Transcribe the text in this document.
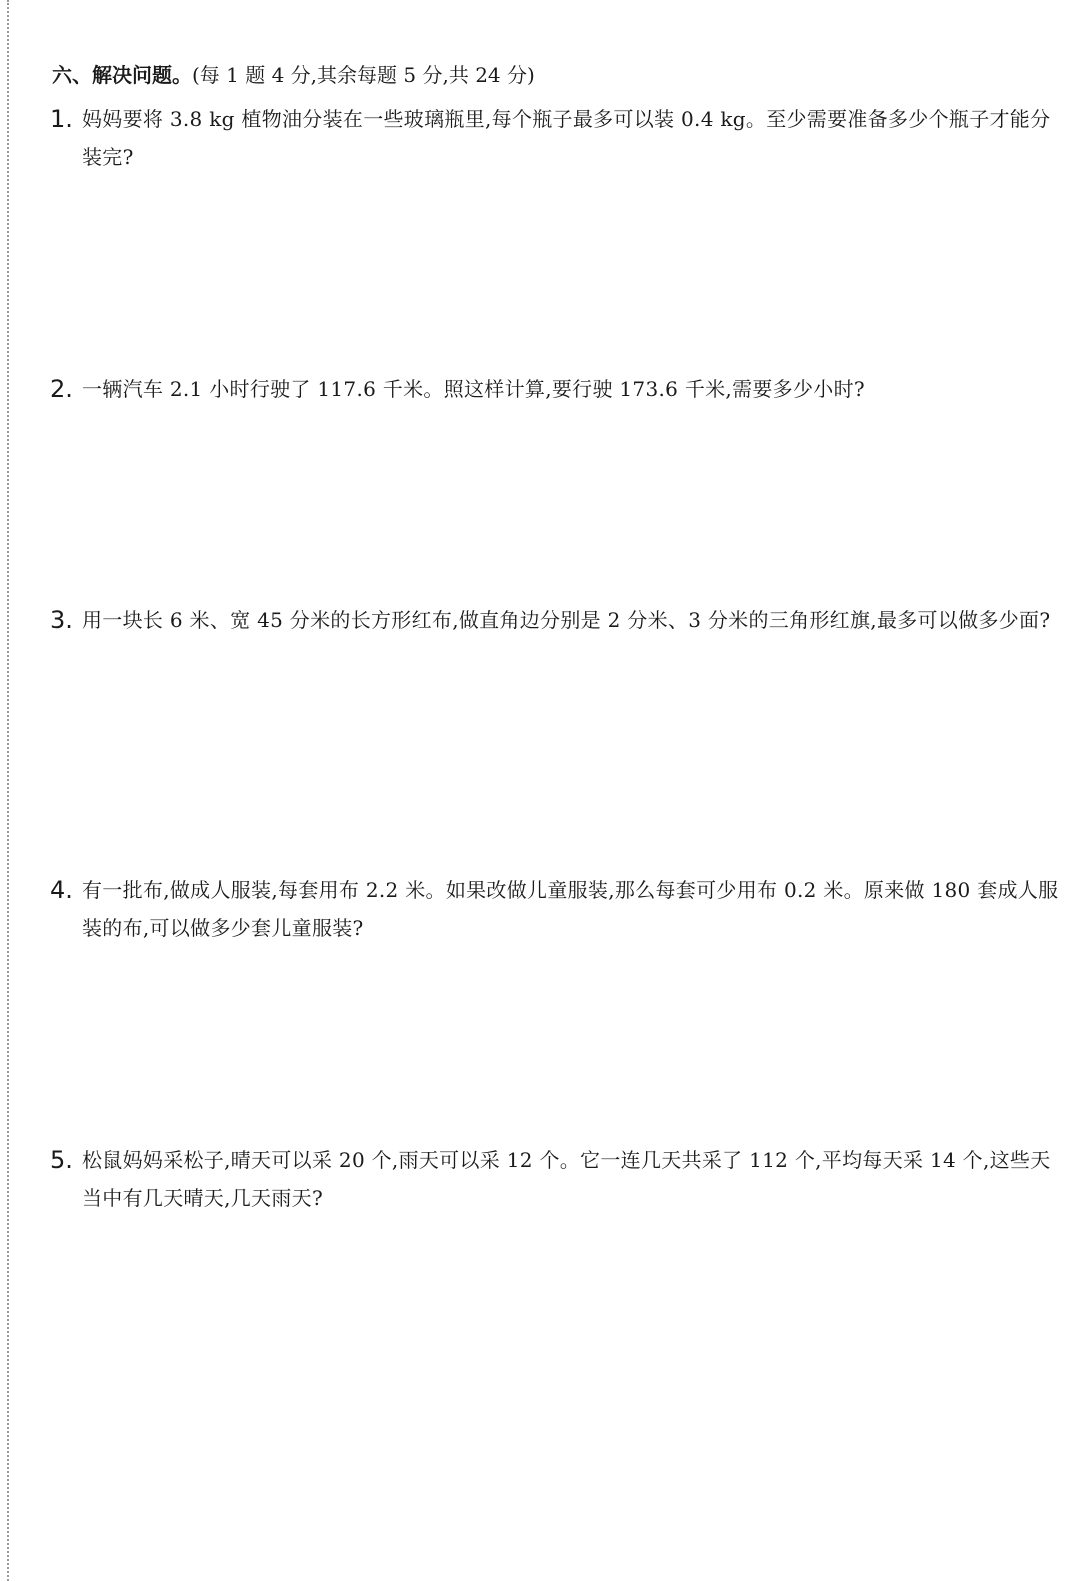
六、解决问题。(每 1 题 4 分,其余每题 5 分,共 24 分)
1. 妈妈要将 3.8 kg 植物油分装在一些玻璃瓶里,每个瓶子最多可以装 0.4 kg。至少需要准备多少个瓶子才能分装完?
2. 一辆汽车 2.1 小时行驶了 117.6 千米。照这样计算,要行驶 173.6 千米,需要多少小时?
3. 用一块长 6 米、宽 45 分米的长方形红布,做直角边分别是 2 分米、3 分米的三角形红旗,最多可以做多少面?
4. 有一批布,做成人服装,每套用布 2.2 米。如果改做儿童服装,那么每套可少用布 0.2 米。原来做 180 套成人服装的布,可以做多少套儿童服装?
5. 松鼠妈妈采松子,晴天可以采 20 个,雨天可以采 12 个。它一连几天共采了 112 个,平均每天采 14 个,这些天当中有几天晴天,几天雨天?
